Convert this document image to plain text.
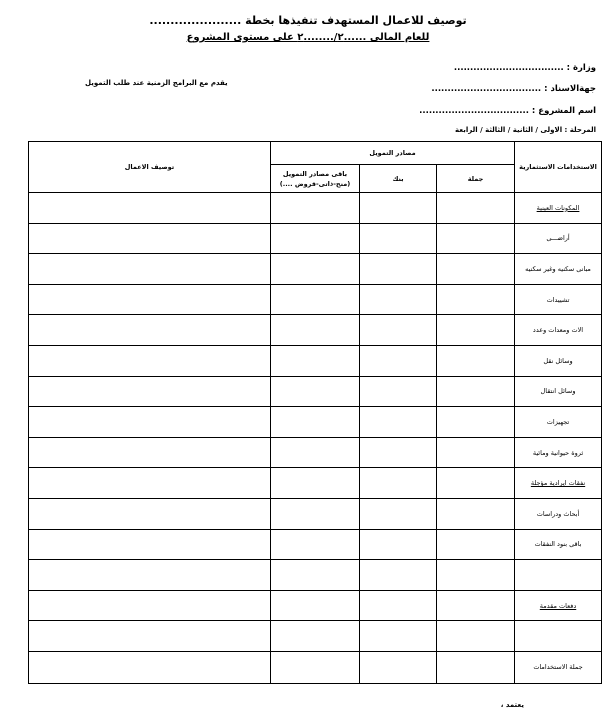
توصيف للاعمال المستهدف تنفيذها بخطة ......................
للعام المالى ......۲/........۲ على مستوى المشروع
وزارة : ..................................
جهةالاسناد : ..................................
اسم المشروع : ..................................
يقدم مع البرامج الزمنية عند طلب التمويل
المرحلة : الاولى / الثانية / الثالثة / الرابعة
الاستخدامات الاستثمارية	مصادر التمويل			توصيف الاعمال
	جملة	بنك	باقى مصادر التمويل
(منح-ذاتى-قروض ....)	

المكونات العينية				
أراضـــى				
مبانى سكنيه وغير سكنيه				
تشييدات				
الات ومعدات وعدد				
وسائل نقل				
وسائل انتقال				
تجهيزات				
ثروة حيوانية ومائية				
نفقات ايرادية مؤجلة				
أبحاث ودراسات				
باقى بنود النفقات				

دفعات مقدمة				

جملة الاستخدامات				
يعتمد ،
